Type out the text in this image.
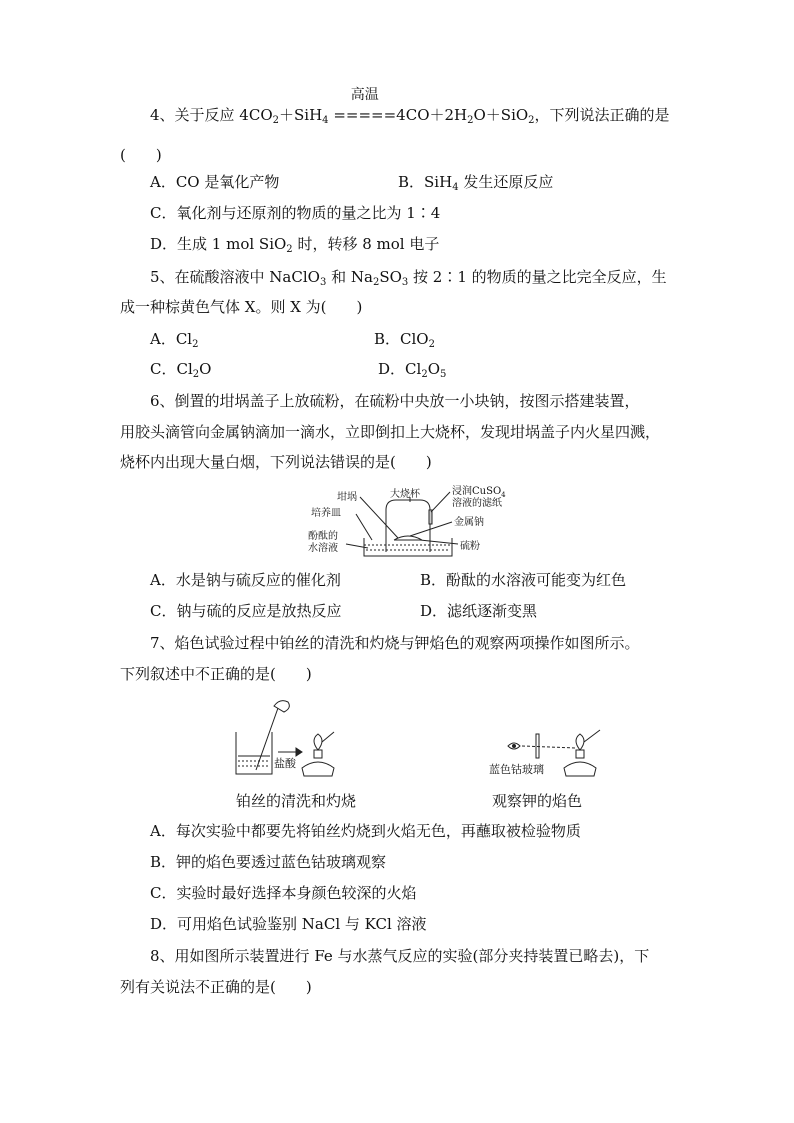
4、关于反应 $4CO_2+SiH_4$
高温
$=====4CO+2H_2O+SiO_2$，下列说法正确的是
(　　)
A．CO 是氧化产物	B．SiH$_4$ 发生还原反应
C．氧化剂与还原剂的物质的量之比为 1∶4
D．生成 1 mol SiO$_2$ 时，转移 8 mol 电子
5、在硫酸溶液中 NaClO$_3$ 和 $Na_2SO_3$ 按 2∶1 的物质的量之比完全反应，生
成一种棕黄色气体 X。则 X 为(　　)
A．$Cl_2$	B．ClO$_2$
C．$Cl_2O$	D．$Cl_2O_5$
6、倒置的坩埚盖子上放硫粉，在硫粉中央放一小块钠，按图示搭建装置，
用胶头滴管向金属钠滴加一滴水，立即倒扣上大烧杯，发现坩埚盖子内火星四溅，
烧杯内出现大量白烟，下列说法错误的是(　　)
坩埚	大烧杯
培养皿
浸润CuSO$_4$
溶液的滤纸
金属钠
酚酞的
水溶液	硫粉
A．水是钠与硫反应的催化剂	B．酚酞的水溶液可能变为红色
C．钠与硫的反应是放热反应	D．滤纸逐渐变黑
7、焰色试验过程中铂丝的清洗和灼烧与钾焰色的观察两项操作如图所示。
下列叙述中不正确的是(　　)
盐酸	蓝色钴玻璃
铂丝的清洗和灼烧	观察钾的焰色
A．每次实验中都要先将铂丝灼烧到火焰无色，再蘸取被检验物质
B．钾的焰色要透过蓝色钴玻璃观察
C．实验时最好选择本身颜色较深的火焰
D．可用焰色试验鉴别 NaCl 与 KCl 溶液
8、用如图所示装置进行 Fe 与水蒸气反应的实验(部分夹持装置已略去)，下
列有关说法不正确的是(　　)
